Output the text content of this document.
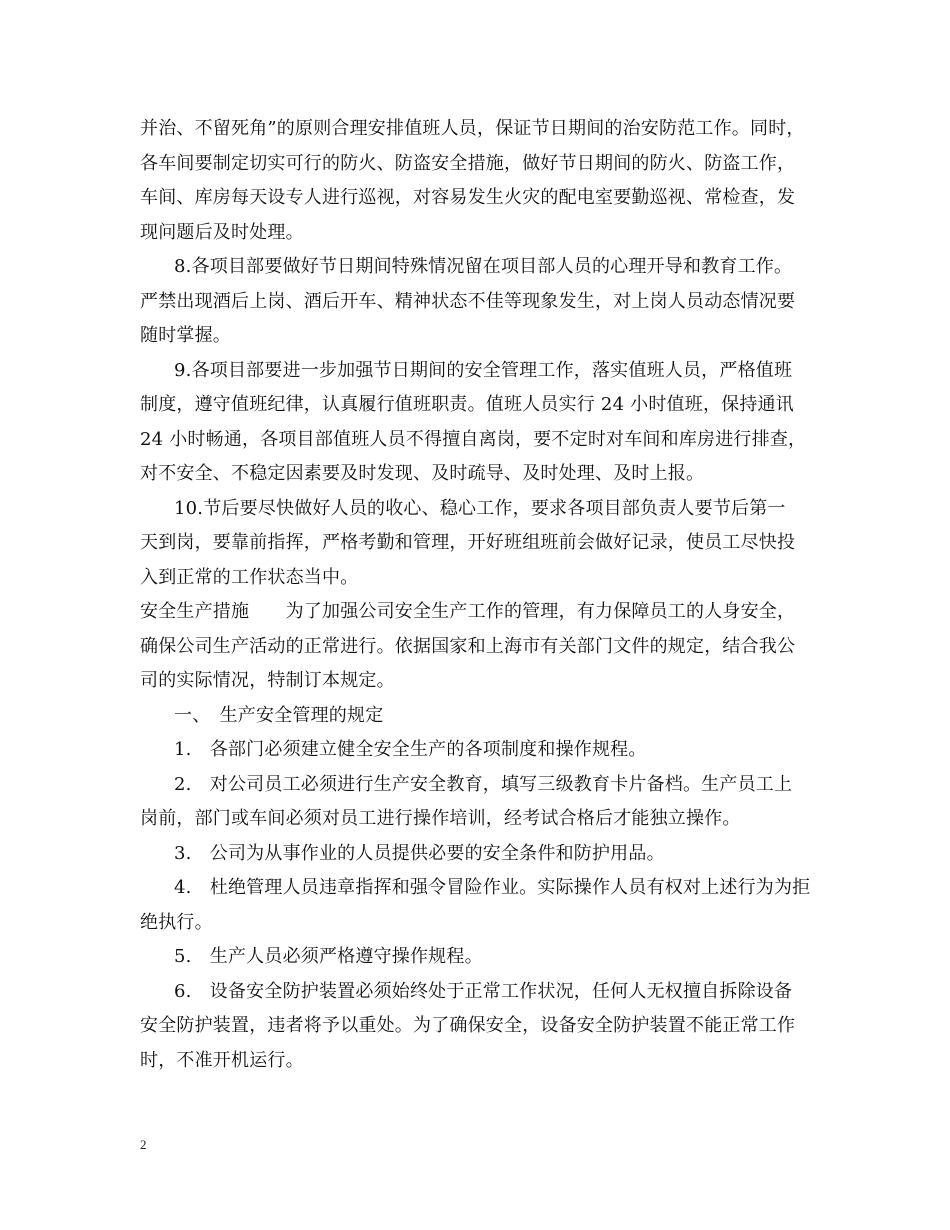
并治、不留死角”的原则合理安排值班人员，保证节日期间的治安防范工作。同时，
各车间要制定切实可行的防火、防盗安全措施，做好节日期间的防火、防盗工作，
车间、库房每天设专人进行巡视，对容易发生火灾的配电室要勤巡视、常检查，发
现问题后及时处理。
8.各项目部要做好节日期间特殊情况留在项目部人员的心理开导和教育工作。
严禁出现酒后上岗、酒后开车、精神状态不佳等现象发生，对上岗人员动态情况要
随时掌握。
9.各项目部要进一步加强节日期间的安全管理工作，落实值班人员，严格值班
制度，遵守值班纪律，认真履行值班职责。值班人员实行 24 小时值班，保持通讯
24 小时畅通，各项目部值班人员不得擅自离岗，要不定时对车间和库房进行排查，
对不安全、不稳定因素要及时发现、及时疏导、及时处理、及时上报。
10.节后要尽快做好人员的收心、稳心工作，要求各项目部负责人要节后第一
天到岗，要靠前指挥，严格考勤和管理，开好班组班前会做好记录，使员工尽快投
入到正常的工作状态当中。
安全生产措施　　为了加强公司安全生产工作的管理，有力保障员工的人身安全，
确保公司生产活动的正常进行。依据国家和上海市有关部门文件的规定，结合我公
司的实际情况，特制订本规定。
一、　生产安全管理的规定
1.　各部门必须建立健全安全生产的各项制度和操作规程。
2.　对公司员工必须进行生产安全教育，填写三级教育卡片备档。生产员工上
岗前，部门或车间必须对员工进行操作培训，经考试合格后才能独立操作。
3.　公司为从事作业的人员提供必要的安全条件和防护用品。
4.　杜绝管理人员违章指挥和强令冒险作业。实际操作人员有权对上述行为为拒
绝执行。
5.　生产人员必须严格遵守操作规程。
6.　设备安全防护装置必须始终处于正常工作状况，任何人无权擅自拆除设备
安全防护装置，违者将予以重处。为了确保安全，设备安全防护装置不能正常工作
时，不准开机运行。
2
